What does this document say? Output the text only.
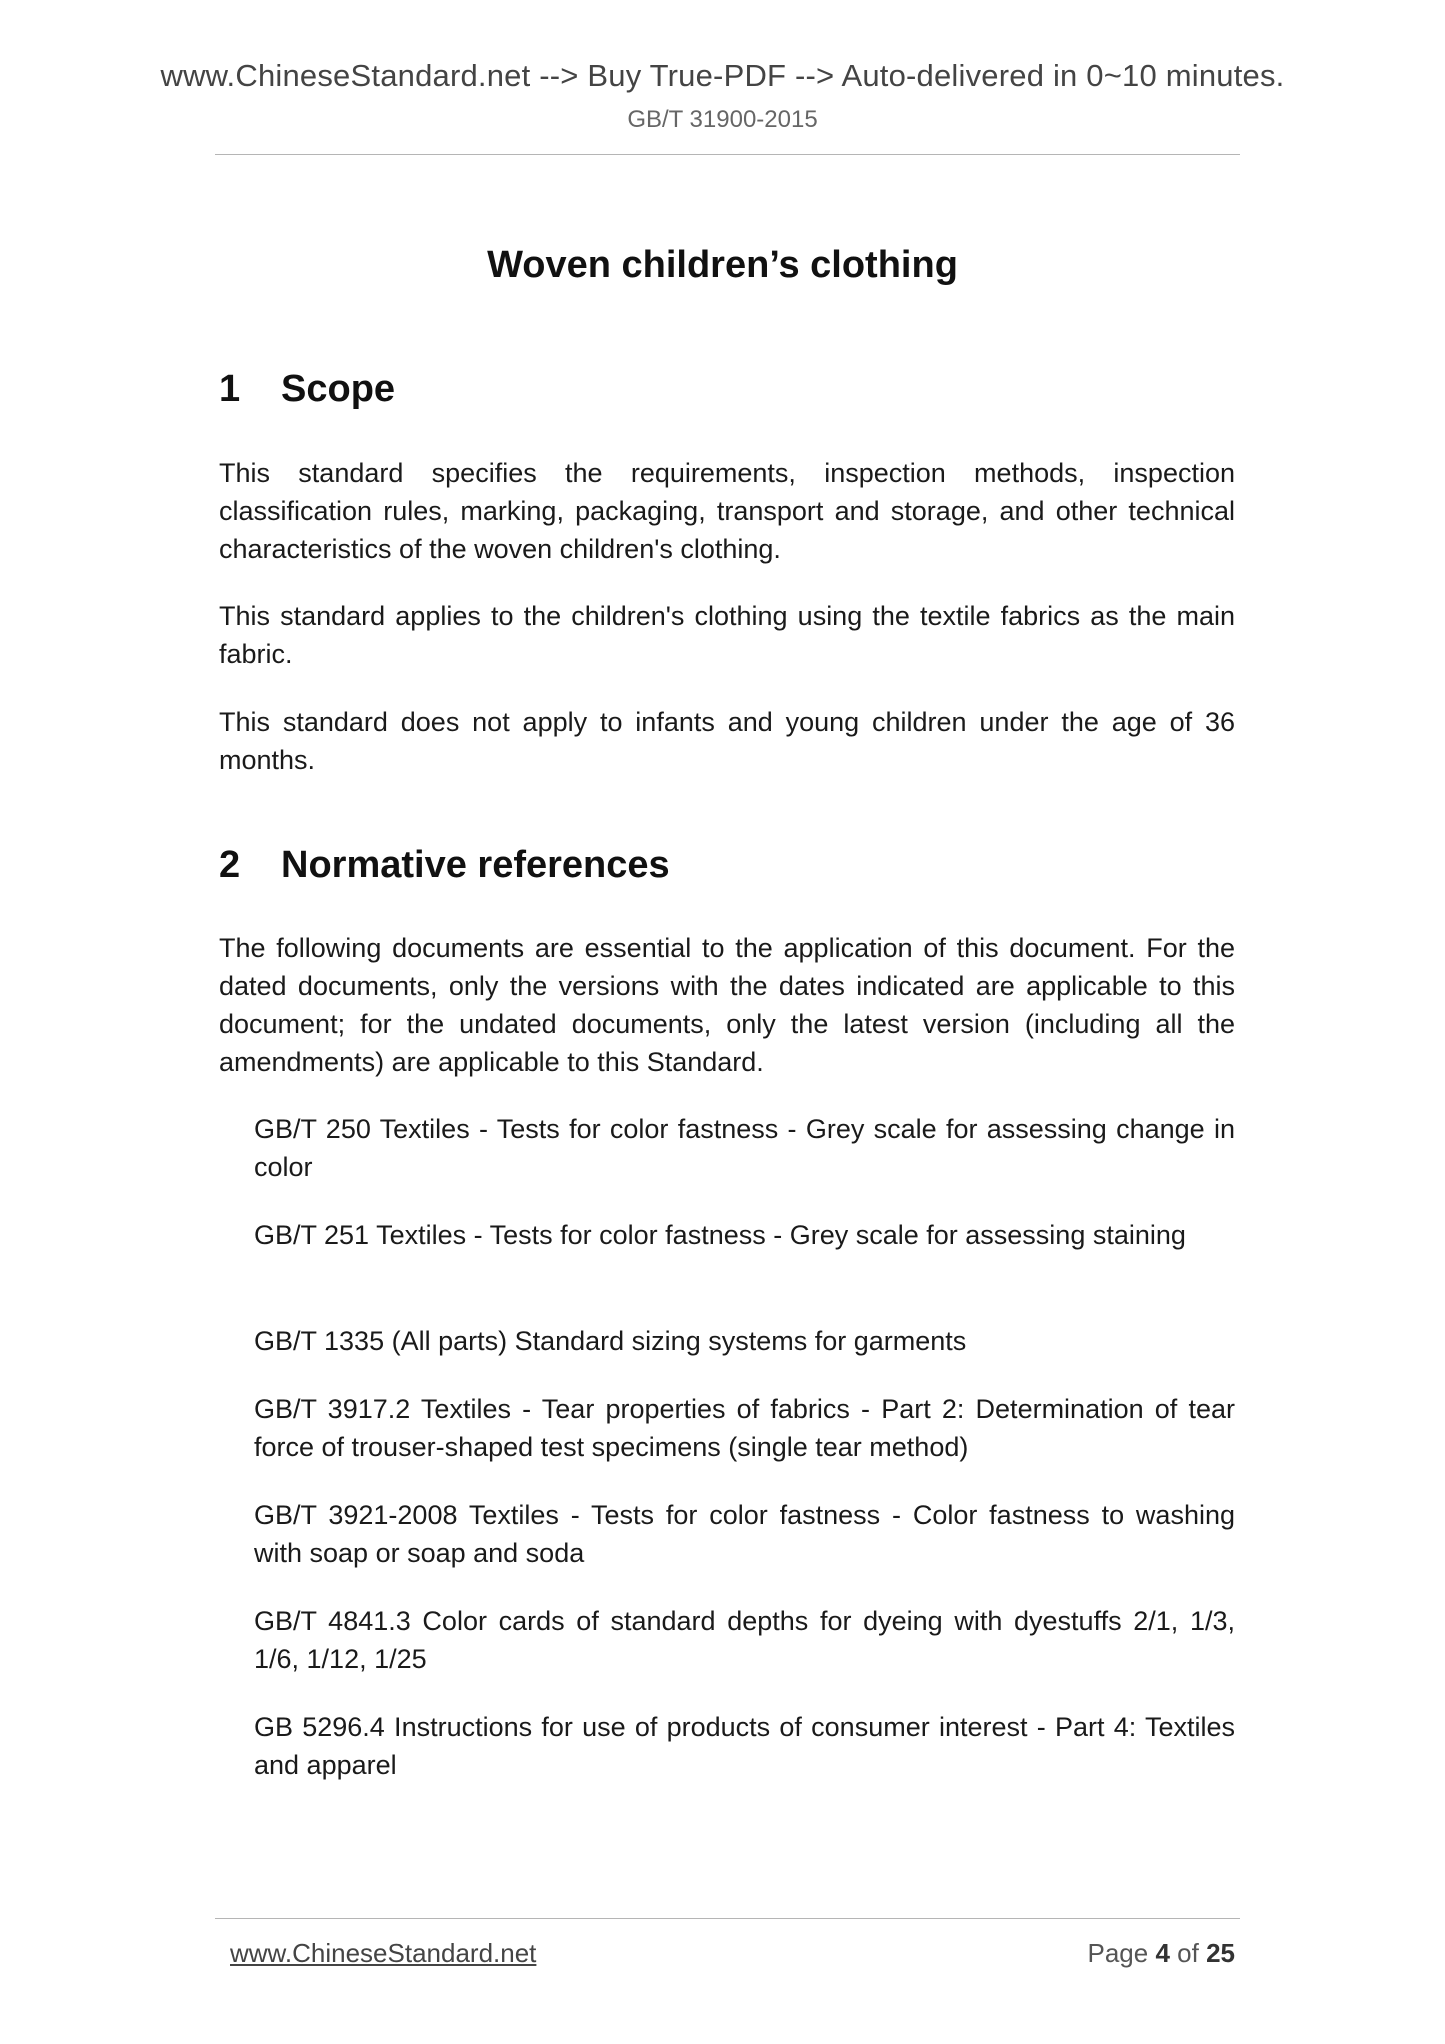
www.ChineseStandard.net --> Buy True-PDF --> Auto-delivered in 0~10 minutes.
GB/T 31900-2015
Woven children’s clothing
1 Scope
This standard specifies the requirements, inspection methods, inspection classification rules, marking, packaging, transport and storage, and other technical characteristics of the woven children's clothing.
This standard applies to the children's clothing using the textile fabrics as the main fabric.
This standard does not apply to infants and young children under the age of 36 months.
2 Normative references
The following documents are essential to the application of this document. For the dated documents, only the versions with the dates indicated are applicable to this document; for the undated documents, only the latest version (including all the amendments) are applicable to this Standard.
GB/T 250 Textiles - Tests for color fastness - Grey scale for assessing change in color
GB/T 251 Textiles - Tests for color fastness - Grey scale for assessing staining
GB/T 1335 (All parts) Standard sizing systems for garments
GB/T 3917.2 Textiles - Tear properties of fabrics - Part 2: Determination of tear force of trouser-shaped test specimens (single tear method)
GB/T 3921-2008 Textiles - Tests for color fastness - Color fastness to washing with soap or soap and soda
GB/T 4841.3 Color cards of standard depths for dyeing with dyestuffs 2/1, 1/3, 1/6, 1/12, 1/25
GB 5296.4 Instructions for use of products of consumer interest - Part 4: Textiles and apparel
www.ChineseStandard.net	Page 4 of 25
